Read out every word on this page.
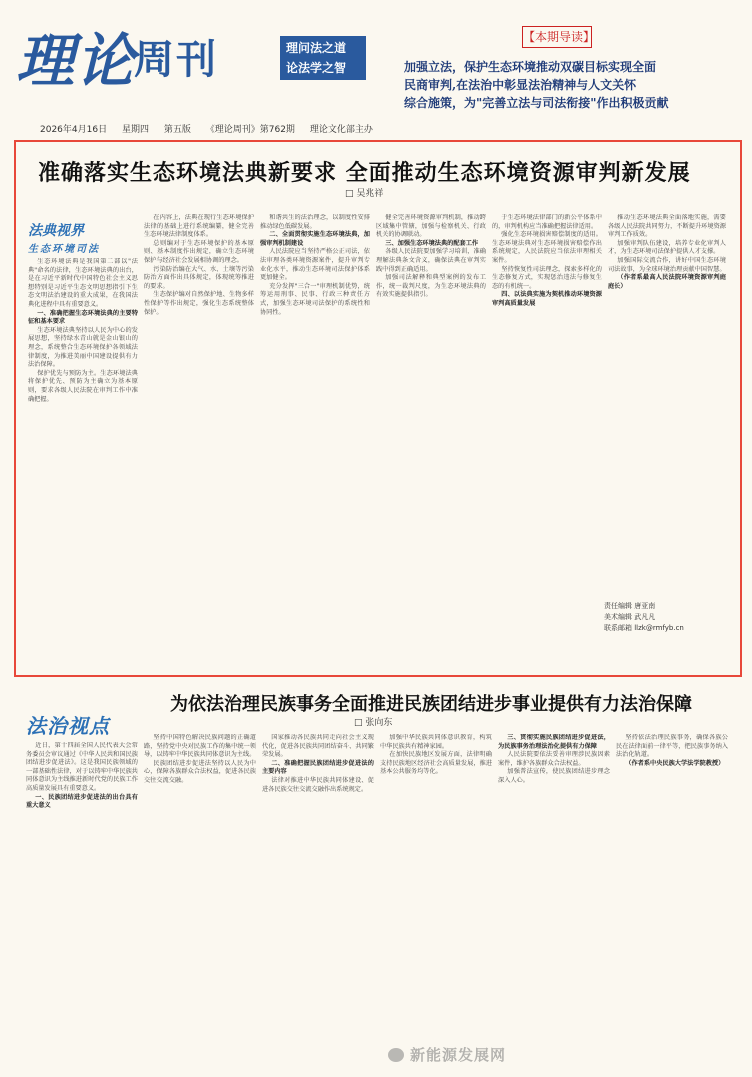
理论
周刊	理问法之道
论法学之智
【本期导读】
加强立法，保护生态环境推动双碳目标实现全面
民商审判,在法治中彰显法治精神与人文关怀
综合施策，为"完善立法与司法衔接"作出积极贡献
2026年4月16日 星期四 第五版 《理论周刊》第762期 理论文化部主办
准确落实生态环境法典新要求 全面推动生态环境资源审判新发展
□ 吴兆祥
法典视界
生态环境司法

生态环境法典是我国第二部以"法典"命名的法律，生态环境法典的出台，是在习近平新时代中国特色社会主义思想特别是习近平生态文明思想指引下生态文明法治建设的重大成果，在我国法典化进程中具有重要意义。

一、准确把握生态环境法典的主要特征和基本要求

生态环境法典坚持以人民为中心的发展思想，坚持绿水青山就是金山银山的理念，系统整合生态环境保护各领域法律制度，为推进美丽中国建设提供有力法治保障。

保护优先与预防为主。生态环境法典将保护优先、预防为主确立为基本原则，要求各级人民法院在审判工作中准确把握。

在内容上，法典在现行生态环境保护法律的基础上进行系统编纂，健全完善生态环境法律制度体系。

总则编对于生态环境保护的基本原则、基本制度作出规定，确立生态环境保护与经济社会发展相协调的理念。

污染防治编在大气、水、土壤等污染防治方面作出具体规定，体现统筹推进的要求。

生态保护编对自然保护地、生物多样性保护等作出规定，强化生态系统整体保护。

和谐共生的法治理念，以制度性安排推动绿色低碳发展。

二、全面贯彻实施生态环境法典，加强审判机制建设

人民法院应当坚持严格公正司法，依法审理各类环境资源案件，提升审判专业化水平，推动生态环境司法保护体系更加健全。

充分发挥"三合一"审理机制优势，统筹运用刑事、民事、行政三种责任方式，加强生态环境司法保护的系统性和协同性。

健全完善环境资源审判机制，推动跨区域集中管辖，加强与检察机关、行政机关的协调联动。

三、加强生态环境法典的配套工作

各级人民法院要加强学习培训，准确理解法典条文含义，确保法典在审判实践中得到正确适用。

加强司法解释和典型案例的发布工作，统一裁判尺度，为生态环境法典的有效实施提供指引。

于生态环境法律部门的新公平体系中的，审判机构应当准确把握法律适用。

强化生态环境损害赔偿制度的适用。生态环境法典对生态环境损害赔偿作出系统规定，人民法院应当依法审理相关案件。

坚持恢复性司法理念，探索多样化的生态修复方式，实现惩治违法与修复生态的有机统一。

四、以法典实施为契机推动环境资源审判高质量发展

推动生态环境法典全面落地实施，需要各级人民法院共同努力，不断提升环境资源审判工作质效。

加强审判队伍建设，培养专业化审判人才，为生态环境司法保护提供人才支撑。

加强国际交流合作，讲好中国生态环境司法故事，为全球环境治理贡献中国智慧。

（作者系最高人民法院环境资源审判庭庭长）

责任编辑 唐亚南
美术编辑 武凡凡
联系邮箱 llzk@rmfyb.cn
法治视点
为依法治理民族事务全面推进民族团结进步事业提供有力法治保障
□ 张向东

近日，第十四届全国人民代表大会常务委员会审议通过《中华人民共和国民族团结进步促进法》。这是我国民族领域的一部基础性法律，对于以铸牢中华民族共同体意识为主线推进新时代党的民族工作高质量发展具有重要意义。

一、民族团结进步促进法的出台具有重大意义

坚持中国特色解决民族问题的正确道路，坚持党中央对民族工作的集中统一领导，以铸牢中华民族共同体意识为主线。

民族团结进步促进法坚持以人民为中心，保障各族群众合法权益，促进各民族交往交流交融。

国家推动各民族共同走向社会主义现代化，促进各民族共同团结奋斗、共同繁荣发展。

二、准确把握民族团结进步促进法的主要内容

法律对推进中华民族共同体建设、促进各民族交往交流交融作出系统规定。

加强中华民族共同体意识教育，构筑中华民族共有精神家园。

在加快民族地区发展方面，法律明确支持民族地区经济社会高质量发展，推进基本公共服务均等化。

三、贯彻实施民族团结进步促进法，为民族事务治理法治化提供有力保障

人民法院要依法妥善审理涉民族因素案件，维护各族群众合法权益。

加强普法宣传，使民族团结进步理念深入人心。

坚持依法治理民族事务，确保各族公民在法律面前一律平等，把民族事务纳入法治化轨道。

（作者系中央民族大学法学院教授）

新能源发展网
